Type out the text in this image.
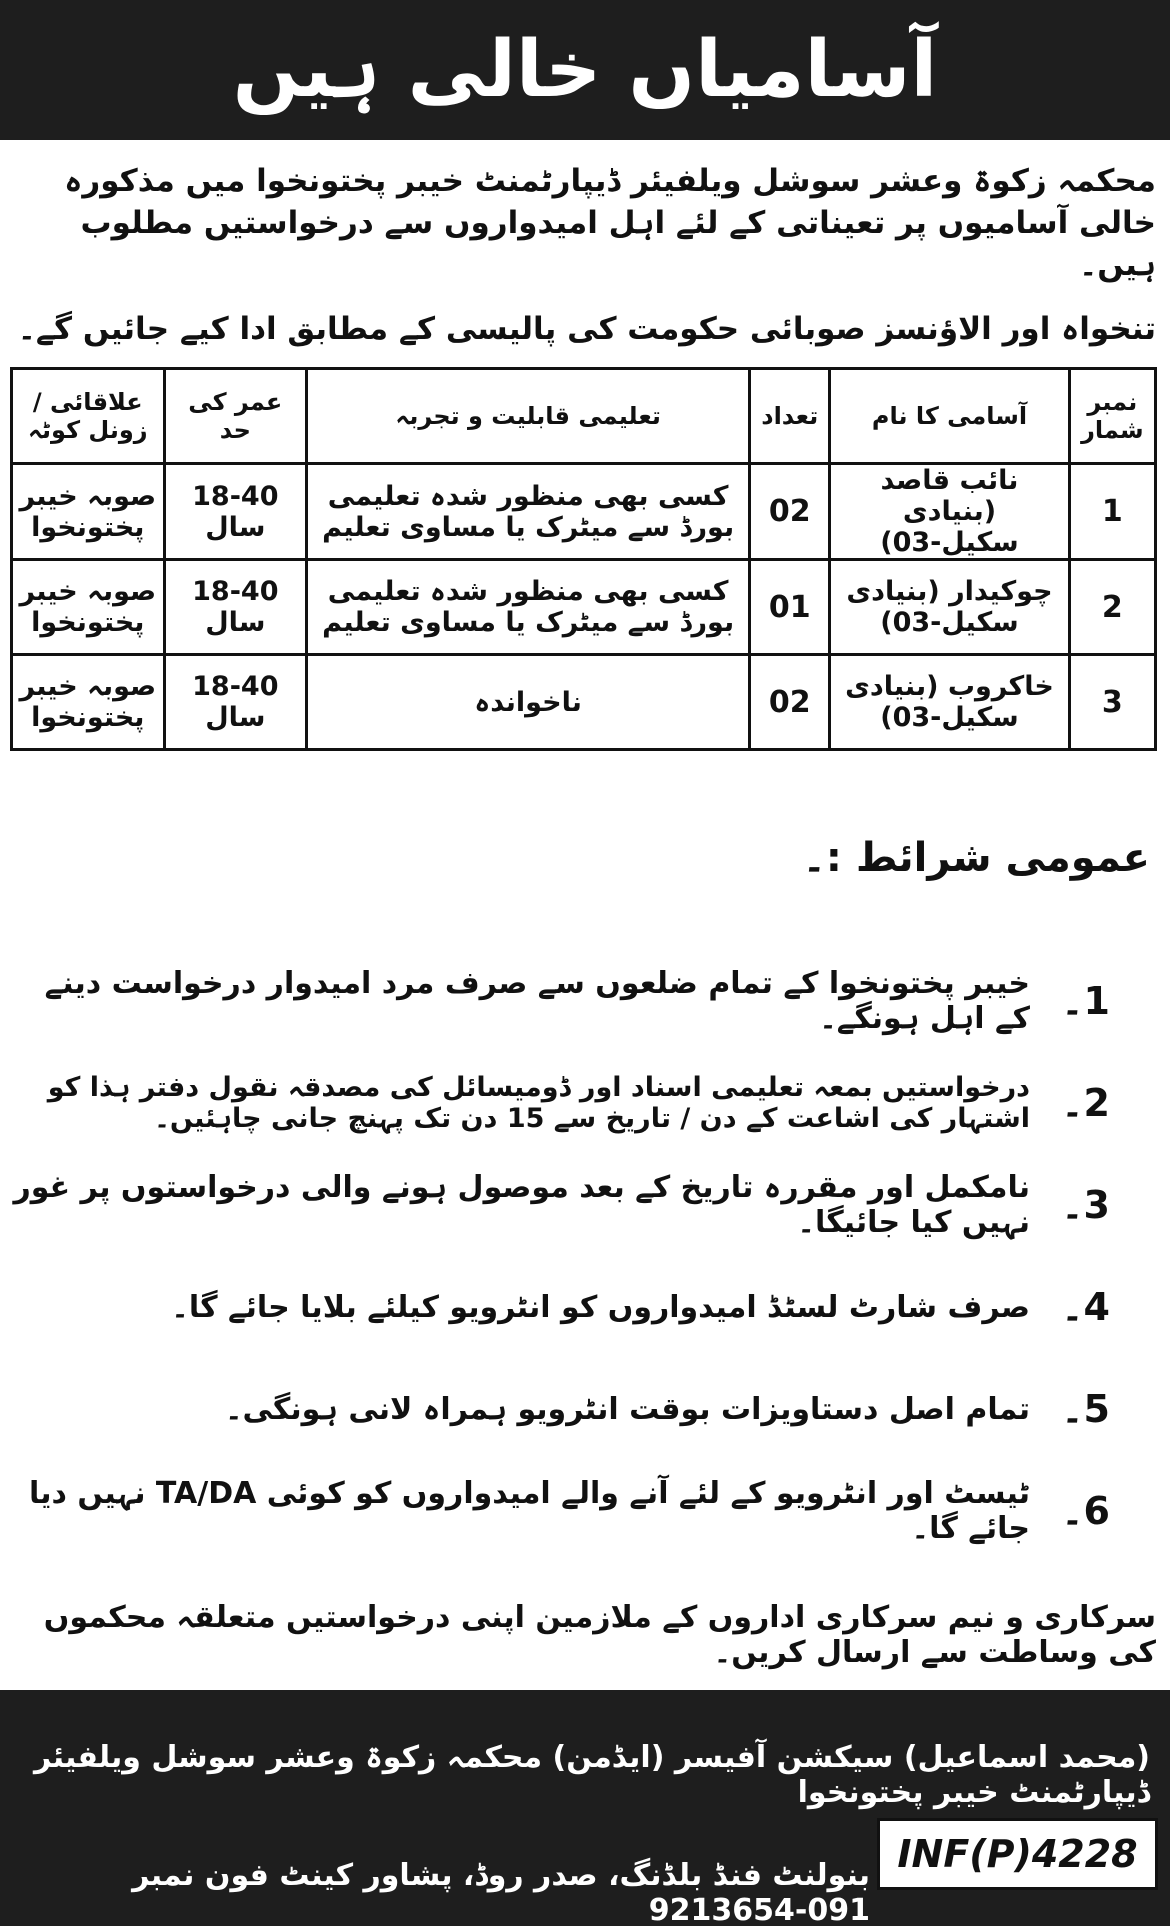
آسامیاں خالی ہیں

محکمہ زکوۃ وعشر سوشل ویلفیئر ڈیپارٹمنٹ خیبر پختونخوا میں مذکورہ خالی آسامیوں پر تعیناتی کے لئے اہل امیدواروں سے درخواستیں مطلوب ہیں۔

تنخواہ اور الاؤنسز صوبائی حکومت کی پالیسی کے مطابق ادا کیے جائیں گے۔

نمبر شمار	آسامی کا نام	تعداد	تعلیمی قابلیت و تجربہ	عمر کی حد	علاقائی / زونل کوٹہ
1	نائب قاصد (بنیادی سکیل-03)	02	کسی بھی منظور شدہ تعلیمی بورڈ سے میٹرک یا مساوی تعلیم	18-40 سال	صوبہ خیبر پختونخوا
2	چوکیدار (بنیادی سکیل-03)	01	کسی بھی منظور شدہ تعلیمی بورڈ سے میٹرک یا مساوی تعلیم	18-40 سال	صوبہ خیبر پختونخوا
3	خاکروب (بنیادی سکیل-03)	02	ناخواندہ	18-40 سال	صوبہ خیبر پختونخوا
عمومی شرائط :۔
1۔
خیبر پختونخوا کے تمام ضلعوں سے صرف مرد امیدوار درخواست دینے کے اہل ہونگے۔
2۔
درخواستیں بمعہ تعلیمی اسناد اور ڈومیسائل کی مصدقہ نقول دفتر ہذا کو اشتہار کی اشاعت کے دن / تاریخ سے 15 دن تک پہنچ جانی چاہئیں۔
3۔
نامکمل اور مقررہ تاریخ کے بعد موصول ہونے والی درخواستوں پر غور نہیں کیا جائیگا۔
4۔
صرف شارٹ لسٹڈ امیدواروں کو انٹرویو کیلئے بلایا جائے گا۔
5۔
تمام اصل دستاویزات بوقت انٹرویو ہمراہ لانی ہونگی۔
6۔
ٹیسٹ اور انٹرویو کے لئے آنے والے امیدواروں کو کوئی TA/DA نہیں دیا جائے گا۔
سرکاری و نیم سرکاری اداروں کے ملازمین اپنی درخواستیں متعلقہ محکموں کی وساطت سے ارسال کریں۔
(محمد اسماعیل) سیکشن آفیسر (ایڈمن) محکمہ زکوۃ وعشر سوشل ویلفیئر ڈیپارٹمنٹ خیبر پختونخوا
INF(P)4228
بنولنٹ فنڈ بلڈنگ، صدر روڈ، پشاور کینٹ فون نمبر 091-9213654
